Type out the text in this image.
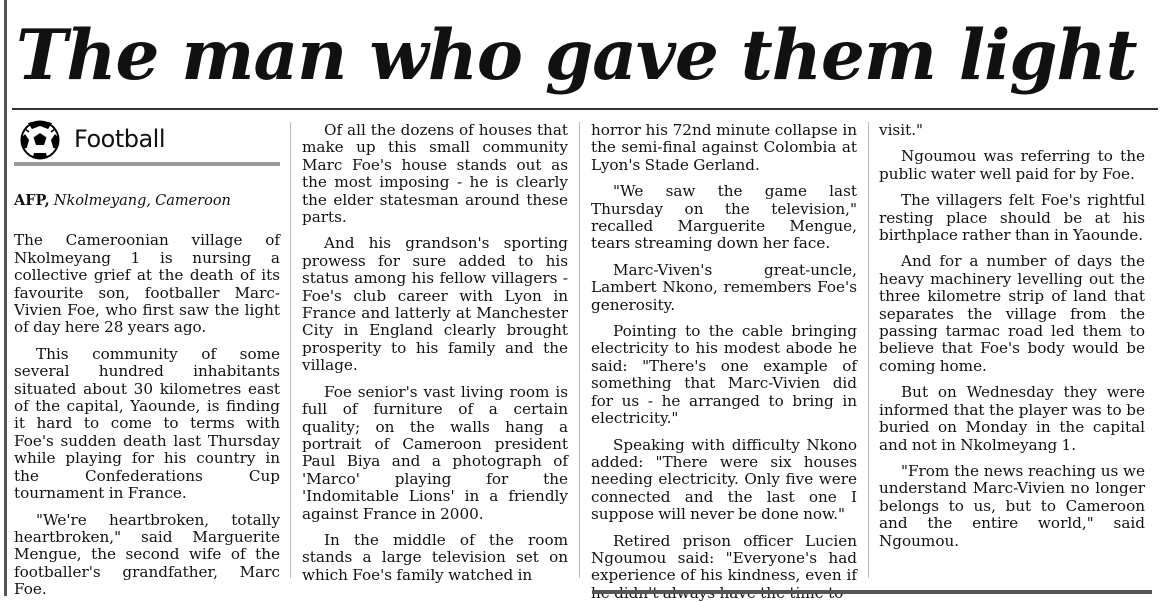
The man who gave them light
Football
AFP, Nkolmeyang, Cameroon

The Cameroonian village of Nkolmeyang 1 is nursing a collective grief at the death of its favourite son, footballer Marc-Vivien Foe, who first saw the light of day here 28 years ago.

This community of some several hundred inhabitants situated about 30 kilometres east of the capital, Yaounde, is finding it hard to come to terms with Foe's sudden death last Thursday while playing for his country in the Confederations Cup tournament in France.

"We're heartbroken, totally heartbroken," said Marguerite Mengue, the second wife of the footballer's grandfather, Marc Foe.

Of all the dozens of houses that make up this small community Marc Foe's house stands out as the most imposing - he is clearly the elder statesman around these parts.

And his grandson's sporting prowess for sure added to his status among his fellow villagers - Foe's club career with Lyon in France and latterly at Manchester City in England clearly brought prosperity to his family and the village.

Foe senior's vast living room is full of furniture of a certain quality; on the walls hang a portrait of Cameroon president Paul Biya and a photograph of 'Marco' playing for the 'Indomitable Lions' in a friendly against France in 2000.

In the middle of the room stands a large television set on which Foe's family watched in

horror his 72nd minute collapse in the semi-final against Colombia at Lyon's Stade Gerland.

"We saw the game last Thursday on the television," recalled Marguerite Mengue, tears streaming down her face.

Marc-Viven's great-uncle, Lambert Nkono, remembers Foe's generosity.

Pointing to the cable bringing electricity to his modest abode he said: "There's one example of something that Marc-Vivien did for us - he arranged to bring in electricity."

Speaking with difficulty Nkono added: "There were six houses needing electricity. Only five were connected and the last one I suppose will never be done now."

Retired prison officer Lucien Ngoumou said: "Everyone's had experience of his kindness, even if

visit."

Ngoumou was referring to the public water well paid for by Foe.

The villagers felt Foe's rightful resting place should be at his birthplace rather than in Yaounde.

And for a number of days the heavy machinery levelling out the three kilometre strip of land that separates the village from the passing tarmac road led them to believe that Foe's body would be coming home.

But on Wednesday they were informed that the player was to be buried on Monday in the capital and not in Nkolmeyang 1.

"From the news reaching us we understand Marc-Vivien no longer belongs to us, but to Cameroon and the entire world," said Ngoumou.
